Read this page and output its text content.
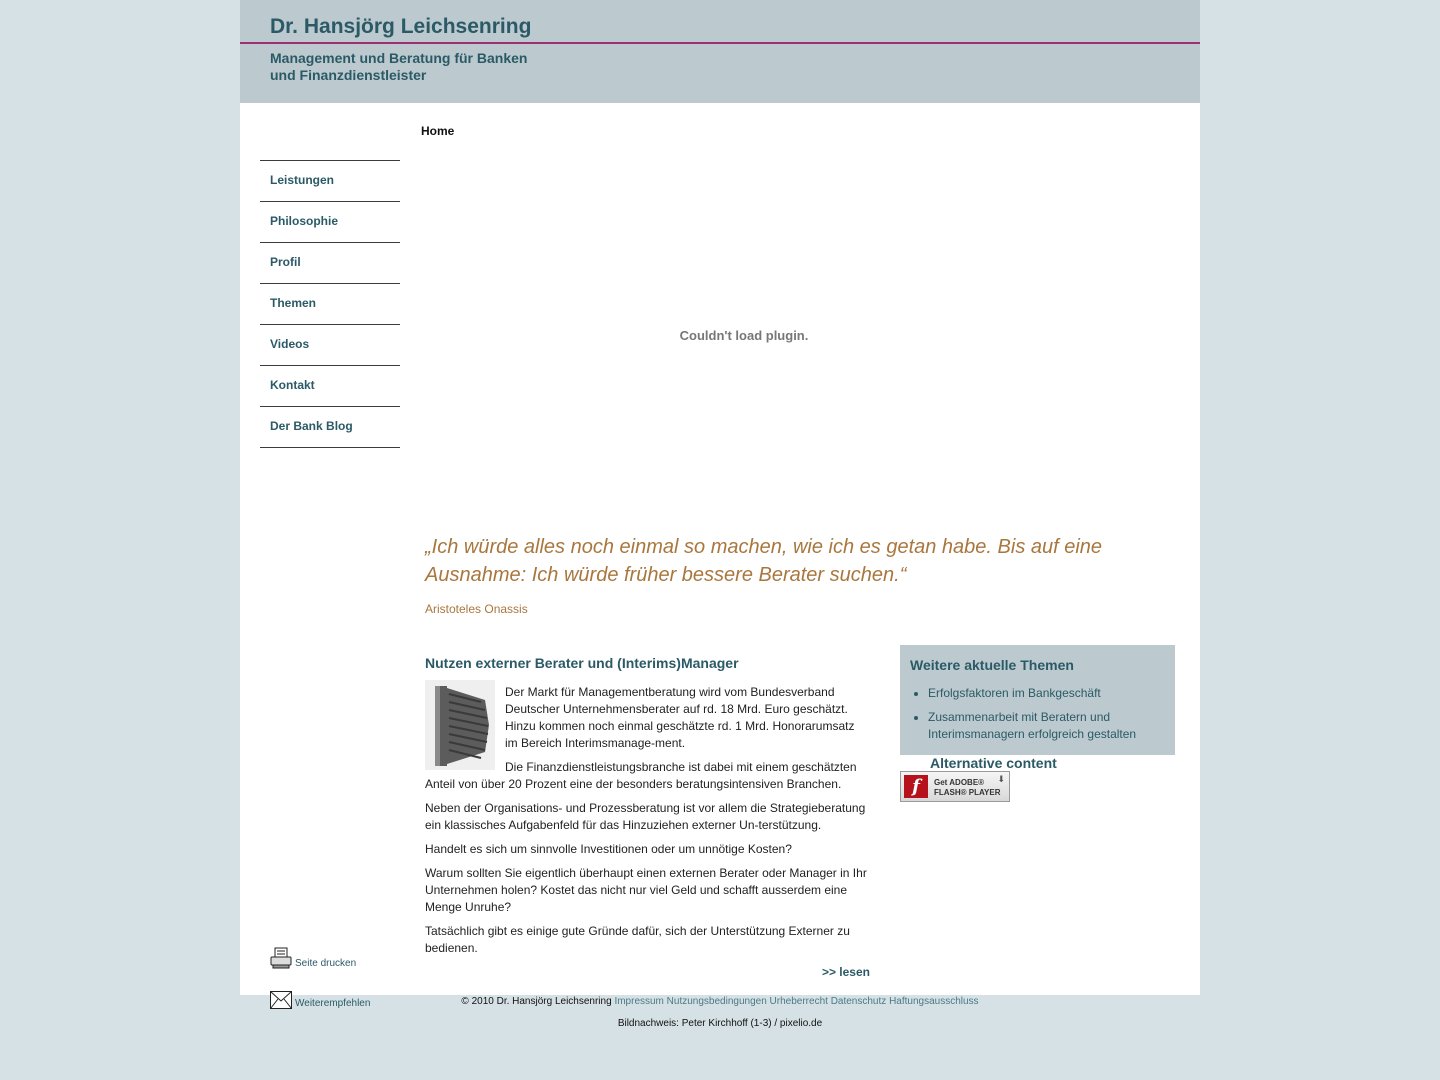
Dr. Hansjörg Leichsenring
Management und Beratung für Banken
und Finanzdienstleister
Home
Leistungen
Philosophie
Profil
Themen
Videos
Kontakt
Der Bank Blog
Couldn't load plugin.
„Ich würde alles noch einmal so machen, wie ich es getan habe. Bis auf eine Ausnahme: Ich würde früher bessere Berater suchen.“
Aristoteles Onassis
Nutzen externer Berater und (Interims)Manager

Der Markt für Managementberatung wird vom Bundesverband Deutscher Unternehmensberater auf rd. 18 Mrd. Euro geschätzt. Hinzu kommen noch einmal geschätzte rd. 1 Mrd. Honorarumsatz im Bereich Interimsmanage-ment.

Die Finanzdienstleistungsbranche ist dabei mit einem geschätzten Anteil von über 20 Prozent eine der besonders beratungsintensiven Branchen.

Neben der Organisations- und Prozessberatung ist vor allem die Strategieberatung ein klassisches Aufgabenfeld für das Hinzuziehen externer Un-terstützung.

Handelt es sich um sinnvolle Investitionen oder um unnötige Kosten?

Warum sollten Sie eigentlich überhaupt einen externen Berater oder Manager in Ihr Unternehmen holen? Kostet das nicht nur viel Geld und schafft ausserdem eine Menge Unruhe?

Tatsächlich gibt es einige gute Gründe dafür, sich der Unterstützung Externer zu bedienen.

>> lesen
Weitere aktuelle Themen
• Erfolgsfaktoren im Bankgeschäft
• Zusammenarbeit mit Beratern und Interimsmanagern erfolgreich gestalten
Alternative content
f	Get ADOBE®
FLASH® PLAYER
⬇
Seite drucken
Weiterempfehlen	© 2010 Dr. Hansjörg Leichsenring Impressum Nutzungsbedingungen Urheberrecht Datenschutz Haftungsausschluss
Bildnachweis: Peter Kirchhoff (1-3) / pixelio.de
